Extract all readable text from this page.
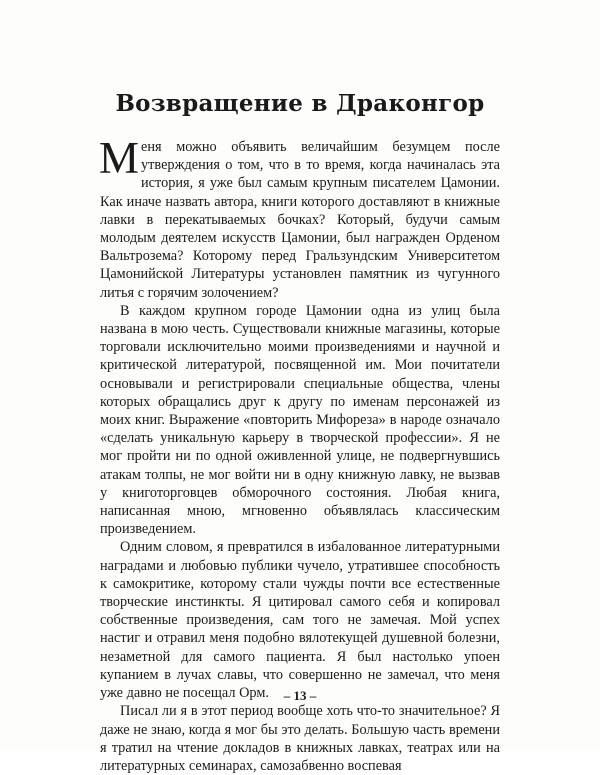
Возвращение в Драконгор

Меня можно объявить величайшим безумцем после утверждения о том, что в то время, когда начиналась эта история, я уже был самым крупным писателем Цамонии. Как иначе назвать автора, книги которого доставляют в книжные лавки в перекатываемых бочках? Который, будучи самым молодым деятелем искусств Цамонии, был награжден Орденом Вальтрозема? Которому перед Гральзундским Университетом Цамонийской Литературы установлен памятник из чугунного литья с горячим золочением?

В каждом крупном городе Цамонии одна из улиц была названа в мою честь. Существовали книжные магазины, которые торговали исключительно моими произведениями и научной и критической литературой, посвященной им. Мои почитатели основывали и регистрировали специальные общества, члены которых обращались друг к другу по именам персонажей из моих книг. Выражение «повторить Мифореза» в народе означало «сделать уникальную карьеру в творческой профессии». Я не мог пройти ни по одной оживленной улице, не подвергнувшись атакам толпы, не мог войти ни в одну книжную лавку, не вызвав у книготорговцев обморочного состояния. Любая книга, написанная мною, мгновенно объявлялась классическим произведением.

Одним словом, я превратился в избалованное литературными наградами и любовью публики чучело, утратившее способность к самокритике, которому стали чужды почти все естественные творческие инстинкты. Я цитировал самого себя и копировал собственные произведения, сам того не замечая. Мой успех настиг и отравил меня подобно вялотекущей душевной болезни, незаметной для самого пациента. Я был настолько упоен купанием в лучах славы, что совершенно не замечал, что меня уже давно не посещал Орм.

Писал ли я в этот период вообще хоть что-то значительное? Я даже не знаю, когда я мог бы это делать. Большую часть времени я тратил на чтение докладов в книжных лавках, театрах или на литературных семинарах, самозабвенно воспевая

– 13 –
